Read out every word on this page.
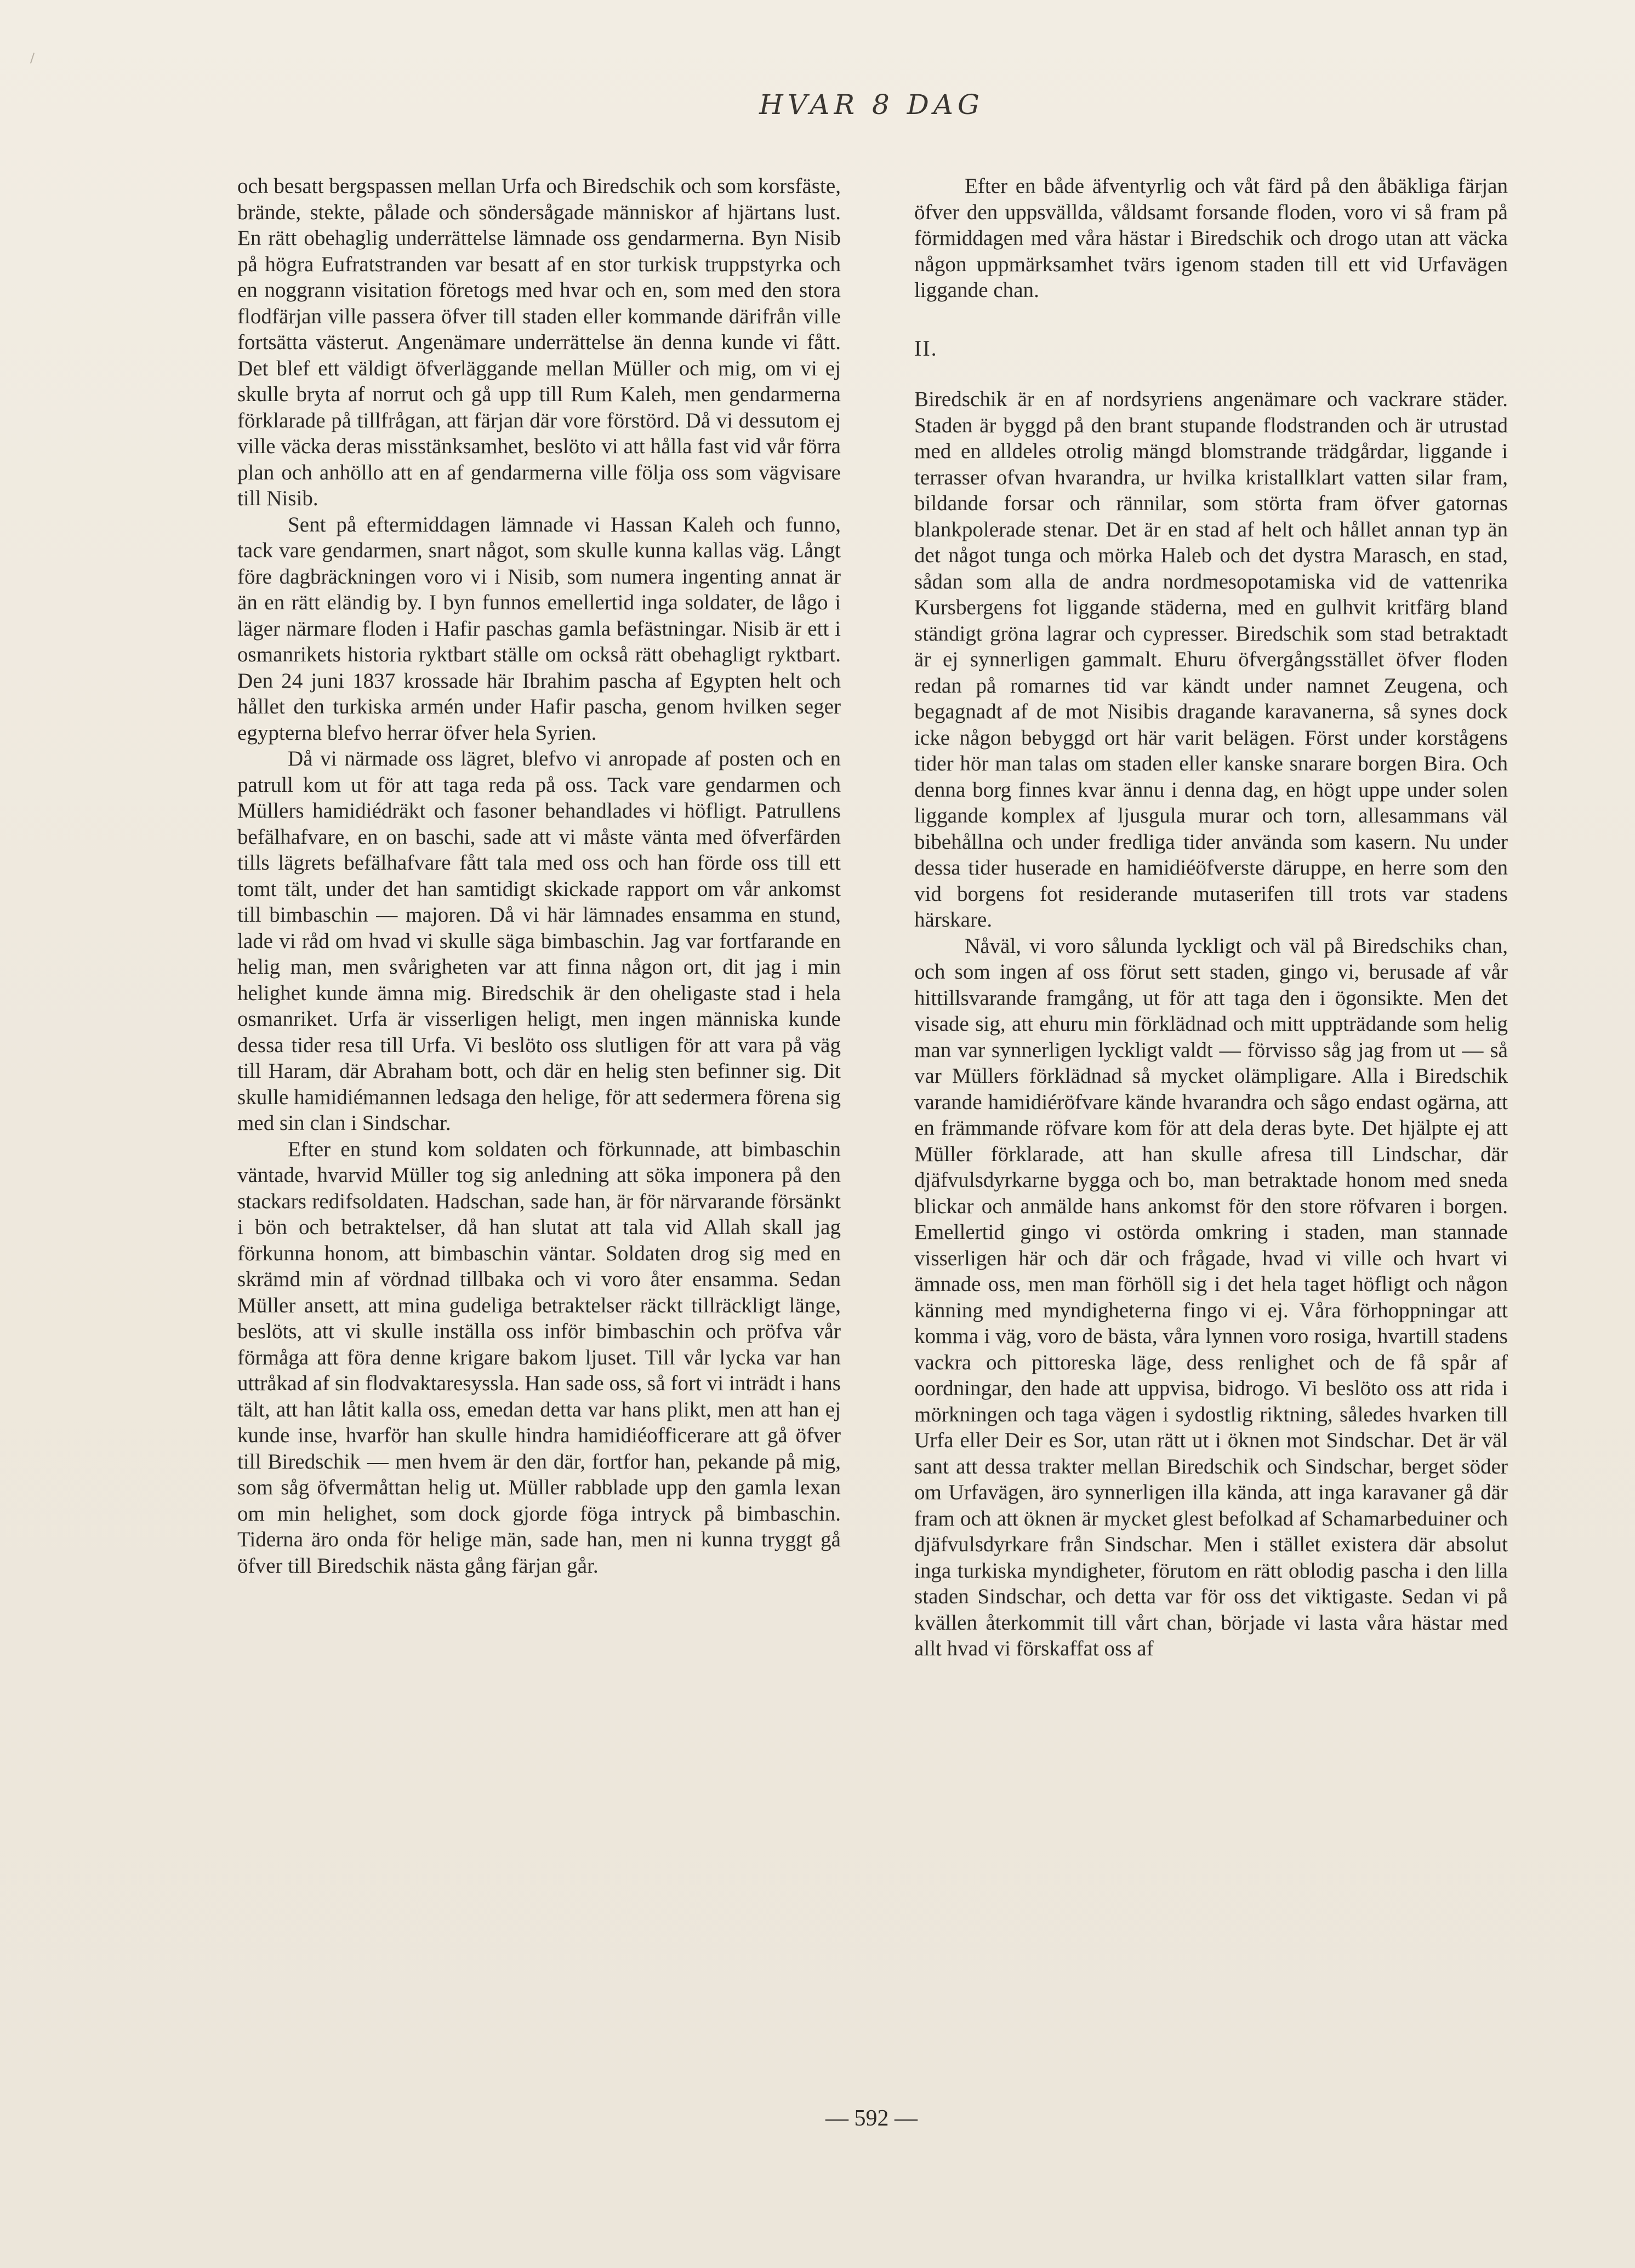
HVAR 8 DAG

och besatt bergspassen mellan Urfa och Biredschik och som korsfäste, brände, stekte, pålade och söndersågade människor af hjärtans lust. En rätt obehaglig underrättelse lämnade oss gendarmerna. Byn Nisib på högra Eufratstranden var besatt af en stor turkisk truppstyrka och en noggrann visitation företogs med hvar och en, som med den stora flodfärjan ville passera öfver till staden eller kommande därifrån ville fortsätta västerut. Angenämare underrättelse än denna kunde vi fått. Det blef ett väldigt öfverläggande mellan Müller och mig, om vi ej skulle bryta af norrut och gå upp till Rum Kaleh, men gendarmerna förklarade på tillfrågan, att färjan där vore förstörd. Då vi dessutom ej ville väcka deras misstänksamhet, beslöto vi att hålla fast vid vår förra plan och anhöllo att en af gendarmerna ville följa oss som vägvisare till Nisib.

Sent på eftermiddagen lämnade vi Hassan Kaleh och funno, tack vare gendarmen, snart något, som skulle kunna kallas väg. Långt före dagbräckningen voro vi i Nisib, som numera ingenting annat är än en rätt eländig by. I byn funnos emellertid inga soldater, de lågo i läger närmare floden i Hafir paschas gamla befästningar. Nisib är ett i osmanrikets historia ryktbart ställe om också rätt obehagligt ryktbart. Den 24 juni 1837 krossade här Ibrahim pascha af Egypten helt och hållet den turkiska armén under Hafir pascha, genom hvilken seger egypterna blefvo herrar öfver hela Syrien.

Då vi närmade oss lägret, blefvo vi anropade af posten och en patrull kom ut för att taga reda på oss. Tack vare gendarmen och Müllers hamidiédräkt och fasoner behandlades vi höfligt. Patrullens befälhafvare, en on baschi, sade att vi måste vänta med öfverfärden tills lägrets befälhafvare fått tala med oss och han förde oss till ett tomt tält, under det han samtidigt skickade rapport om vår ankomst till bimbaschin — majoren. Då vi här lämnades ensamma en stund, lade vi råd om hvad vi skulle säga bimbaschin. Jag var fortfarande en helig man, men svårigheten var att finna någon ort, dit jag i min helighet kunde ämna mig. Biredschik är den oheligaste stad i hela osmanriket. Urfa är visserligen heligt, men ingen människa kunde dessa tider resa till Urfa. Vi beslöto oss slutligen för att vara på väg till Haram, där Abraham bott, och där en helig sten befinner sig. Dit skulle hamidiémannen ledsaga den helige, för att sedermera förena sig med sin clan i Sindschar.

Efter en stund kom soldaten och förkunnade, att bimbaschin väntade, hvarvid Müller tog sig anledning att söka imponera på den stackars redifsoldaten. Hadschan, sade han, är för närvarande försänkt i bön och betraktelser, då han slutat att tala vid Allah skall jag förkunna honom, att bimbaschin väntar. Soldaten drog sig med en skrämd min af vördnad tillbaka och vi voro åter ensamma. Sedan Müller ansett, att mina gudeliga betraktelser räckt tillräckligt länge, beslöts, att vi skulle inställa oss inför bimbaschin och pröfva vår förmåga att föra denne krigare bakom ljuset. Till vår lycka var han uttråkad af sin flodvaktaresyssla. Han sade oss, så fort vi inträdt i hans tält, att han låtit kalla oss, emedan detta var hans plikt, men att han ej kunde inse, hvarför han skulle hindra hamidiéofficerare att gå öfver till Biredschik — men hvem är den där, fortfor han, pekande på mig, som såg öfvermåttan helig ut. Müller rabblade upp den gamla lexan om min helighet, som dock gjorde föga intryck på bimbaschin. Tiderna äro onda för helige män, sade han, men ni kunna tryggt gå öfver till Biredschik nästa gång färjan går.

Efter en både äfventyrlig och våt färd på den åbäkliga färjan öfver den uppsvällda, våldsamt forsande floden, voro vi så fram på förmiddagen med våra hästar i Biredschik och drogo utan att väcka någon uppmärksamhet tvärs igenom staden till ett vid Urfavägen liggande chan.

II.

Biredschik är en af nordsyriens angenämare och vackrare städer. Staden är byggd på den brant stupande flodstranden och är utrustad med en alldeles otrolig mängd blomstrande trädgårdar, liggande i terrasser ofvan hvarandra, ur hvilka kristallklart vatten silar fram, bildande forsar och rännilar, som störta fram öfver gatornas blankpolerade stenar. Det är en stad af helt och hållet annan typ än det något tunga och mörka Haleb och det dystra Marasch, en stad, sådan som alla de andra nordmesopotamiska vid de vattenrika Kursbergens fot liggande städerna, med en gulhvit kritfärg bland ständigt gröna lagrar och cypresser. Biredschik som stad betraktadt är ej synnerligen gammalt. Ehuru öfvergångsstället öfver floden redan på romarnes tid var kändt under namnet Zeugena, och begagnadt af de mot Nisibis dragande karavanerna, så synes dock icke någon bebyggd ort här varit belägen. Först under korstågens tider hör man talas om staden eller kanske snarare borgen Bira. Och denna borg finnes kvar ännu i denna dag, en högt uppe under solen liggande komplex af ljusgula murar och torn, allesammans väl bibehållna och under fredliga tider använda som kasern. Nu under dessa tider huserade en hamidiéöfverste däruppe, en herre som den vid borgens fot residerande mutaserifen till trots var stadens härskare.

Nåväl, vi voro sålunda lyckligt och väl på Biredschiks chan, och som ingen af oss förut sett staden, gingo vi, berusade af vår hittillsvarande framgång, ut för att taga den i ögonsikte. Men det visade sig, att ehuru min förklädnad och mitt uppträdande som helig man var synnerligen lyckligt valdt — förvisso såg jag from ut — så var Müllers förklädnad så mycket olämpligare. Alla i Biredschik varande hamidiéröfvare kände hvarandra och sågo endast ogärna, att en främmande röfvare kom för att dela deras byte. Det hjälpte ej att Müller förklarade, att han skulle afresa till Lindschar, där djäfvulsdyrkarne bygga och bo, man betraktade honom med sneda blickar och anmälde hans ankomst för den store röfvaren i borgen. Emellertid gingo vi ostörda omkring i staden, man stannade visserligen här och där och frågade, hvad vi ville och hvart vi ämnade oss, men man förhöll sig i det hela taget höfligt och någon känning med myndigheterna fingo vi ej. Våra förhoppningar att komma i väg, voro de bästa, våra lynnen voro rosiga, hvartill stadens vackra och pittoreska läge, dess renlighet och de få spår af oordningar, den hade att uppvisa, bidrogo. Vi beslöto oss att rida i mörkningen och taga vägen i sydostlig riktning, således hvarken till Urfa eller Deir es Sor, utan rätt ut i öknen mot Sindschar. Det är väl sant att dessa trakter mellan Biredschik och Sindschar, berget söder om Urfavägen, äro synnerligen illa kända, att inga karavaner gå där fram och att öknen är mycket glest befolkad af Schamarbeduiner och djäfvulsdyrkare från Sindschar. Men i stället existera där absolut inga turkiska myndigheter, förutom en rätt oblodig pascha i den lilla staden Sindschar, och detta var för oss det viktigaste. Sedan vi på kvällen återkommit till vårt chan, började vi lasta våra hästar med allt hvad vi förskaffat oss af

— 592 —
